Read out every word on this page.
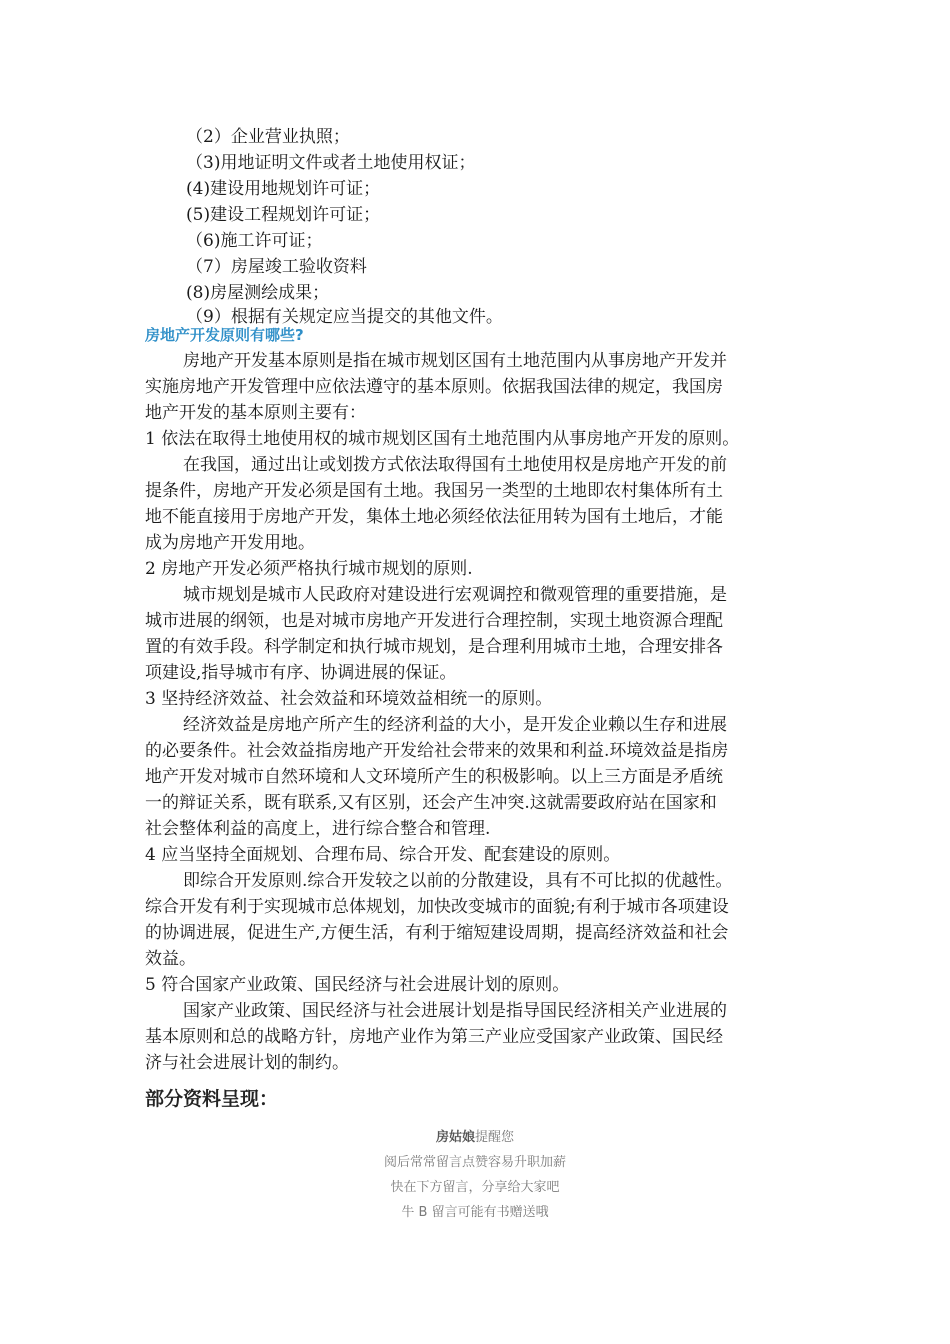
（2）企业营业执照；
（3)用地证明文件或者土地使用权证；
(4)建设用地规划许可证；
(5)建设工程规划许可证；
（6)施工许可证；
（7）房屋竣工验收资料
(8)房屋测绘成果；
（9）根据有关规定应当提交的其他文件。
房地产开发原则有哪些?
房地产开发基本原则是指在城市规划区国有土地范围内从事房地产开发并
实施房地产开发管理中应依法遵守的基本原则。依据我国法律的规定，我国房
地产开发的基本原则主要有：
1 依法在取得土地使用权的城市规划区国有土地范围内从事房地产开发的原则。
在我国，通过出让或划拨方式依法取得国有土地使用权是房地产开发的前
提条件，房地产开发必须是国有土地。我国另一类型的土地即农村集体所有土
地不能直接用于房地产开发，集体土地必须经依法征用转为国有土地后，才能
成为房地产开发用地。
2 房地产开发必须严格执行城市规划的原则.
城市规划是城市人民政府对建设进行宏观调控和微观管理的重要措施，是
城市进展的纲领，也是对城市房地产开发进行合理控制，实现土地资源合理配
置的有效手段。科学制定和执行城市规划，是合理利用城市土地，合理安排各
项建设,指导城市有序、协调进展的保证。
3 坚持经济效益、社会效益和环境效益相统一的原则。
经济效益是房地产所产生的经济利益的大小，是开发企业赖以生存和进展
的必要条件。社会效益指房地产开发给社会带来的效果和利益.环境效益是指房
地产开发对城市自然环境和人文环境所产生的积极影响。以上三方面是矛盾统
一的辩证关系，既有联系,又有区别，还会产生冲突.这就需要政府站在国家和
社会整体利益的高度上，进行综合整合和管理.
4 应当坚持全面规划、合理布局、综合开发、配套建设的原则。
即综合开发原则.综合开发较之以前的分散建设，具有不可比拟的优越性。
综合开发有利于实现城市总体规划，加快改变城市的面貌;有利于城市各项建设
的协调进展，促进生产,方便生活，有利于缩短建设周期，提高经济效益和社会
效益。
5 符合国家产业政策、国民经济与社会进展计划的原则。
国家产业政策、国民经济与社会进展计划是指导国民经济相关产业进展的
基本原则和总的战略方针，房地产业作为第三产业应受国家产业政策、国民经
济与社会进展计划的制约。
部分资料呈现：
房姑娘提醒您
阅后常常留言点赞容易升职加薪
快在下方留言，分享给大家吧
牛 B 留言可能有书赠送哦
